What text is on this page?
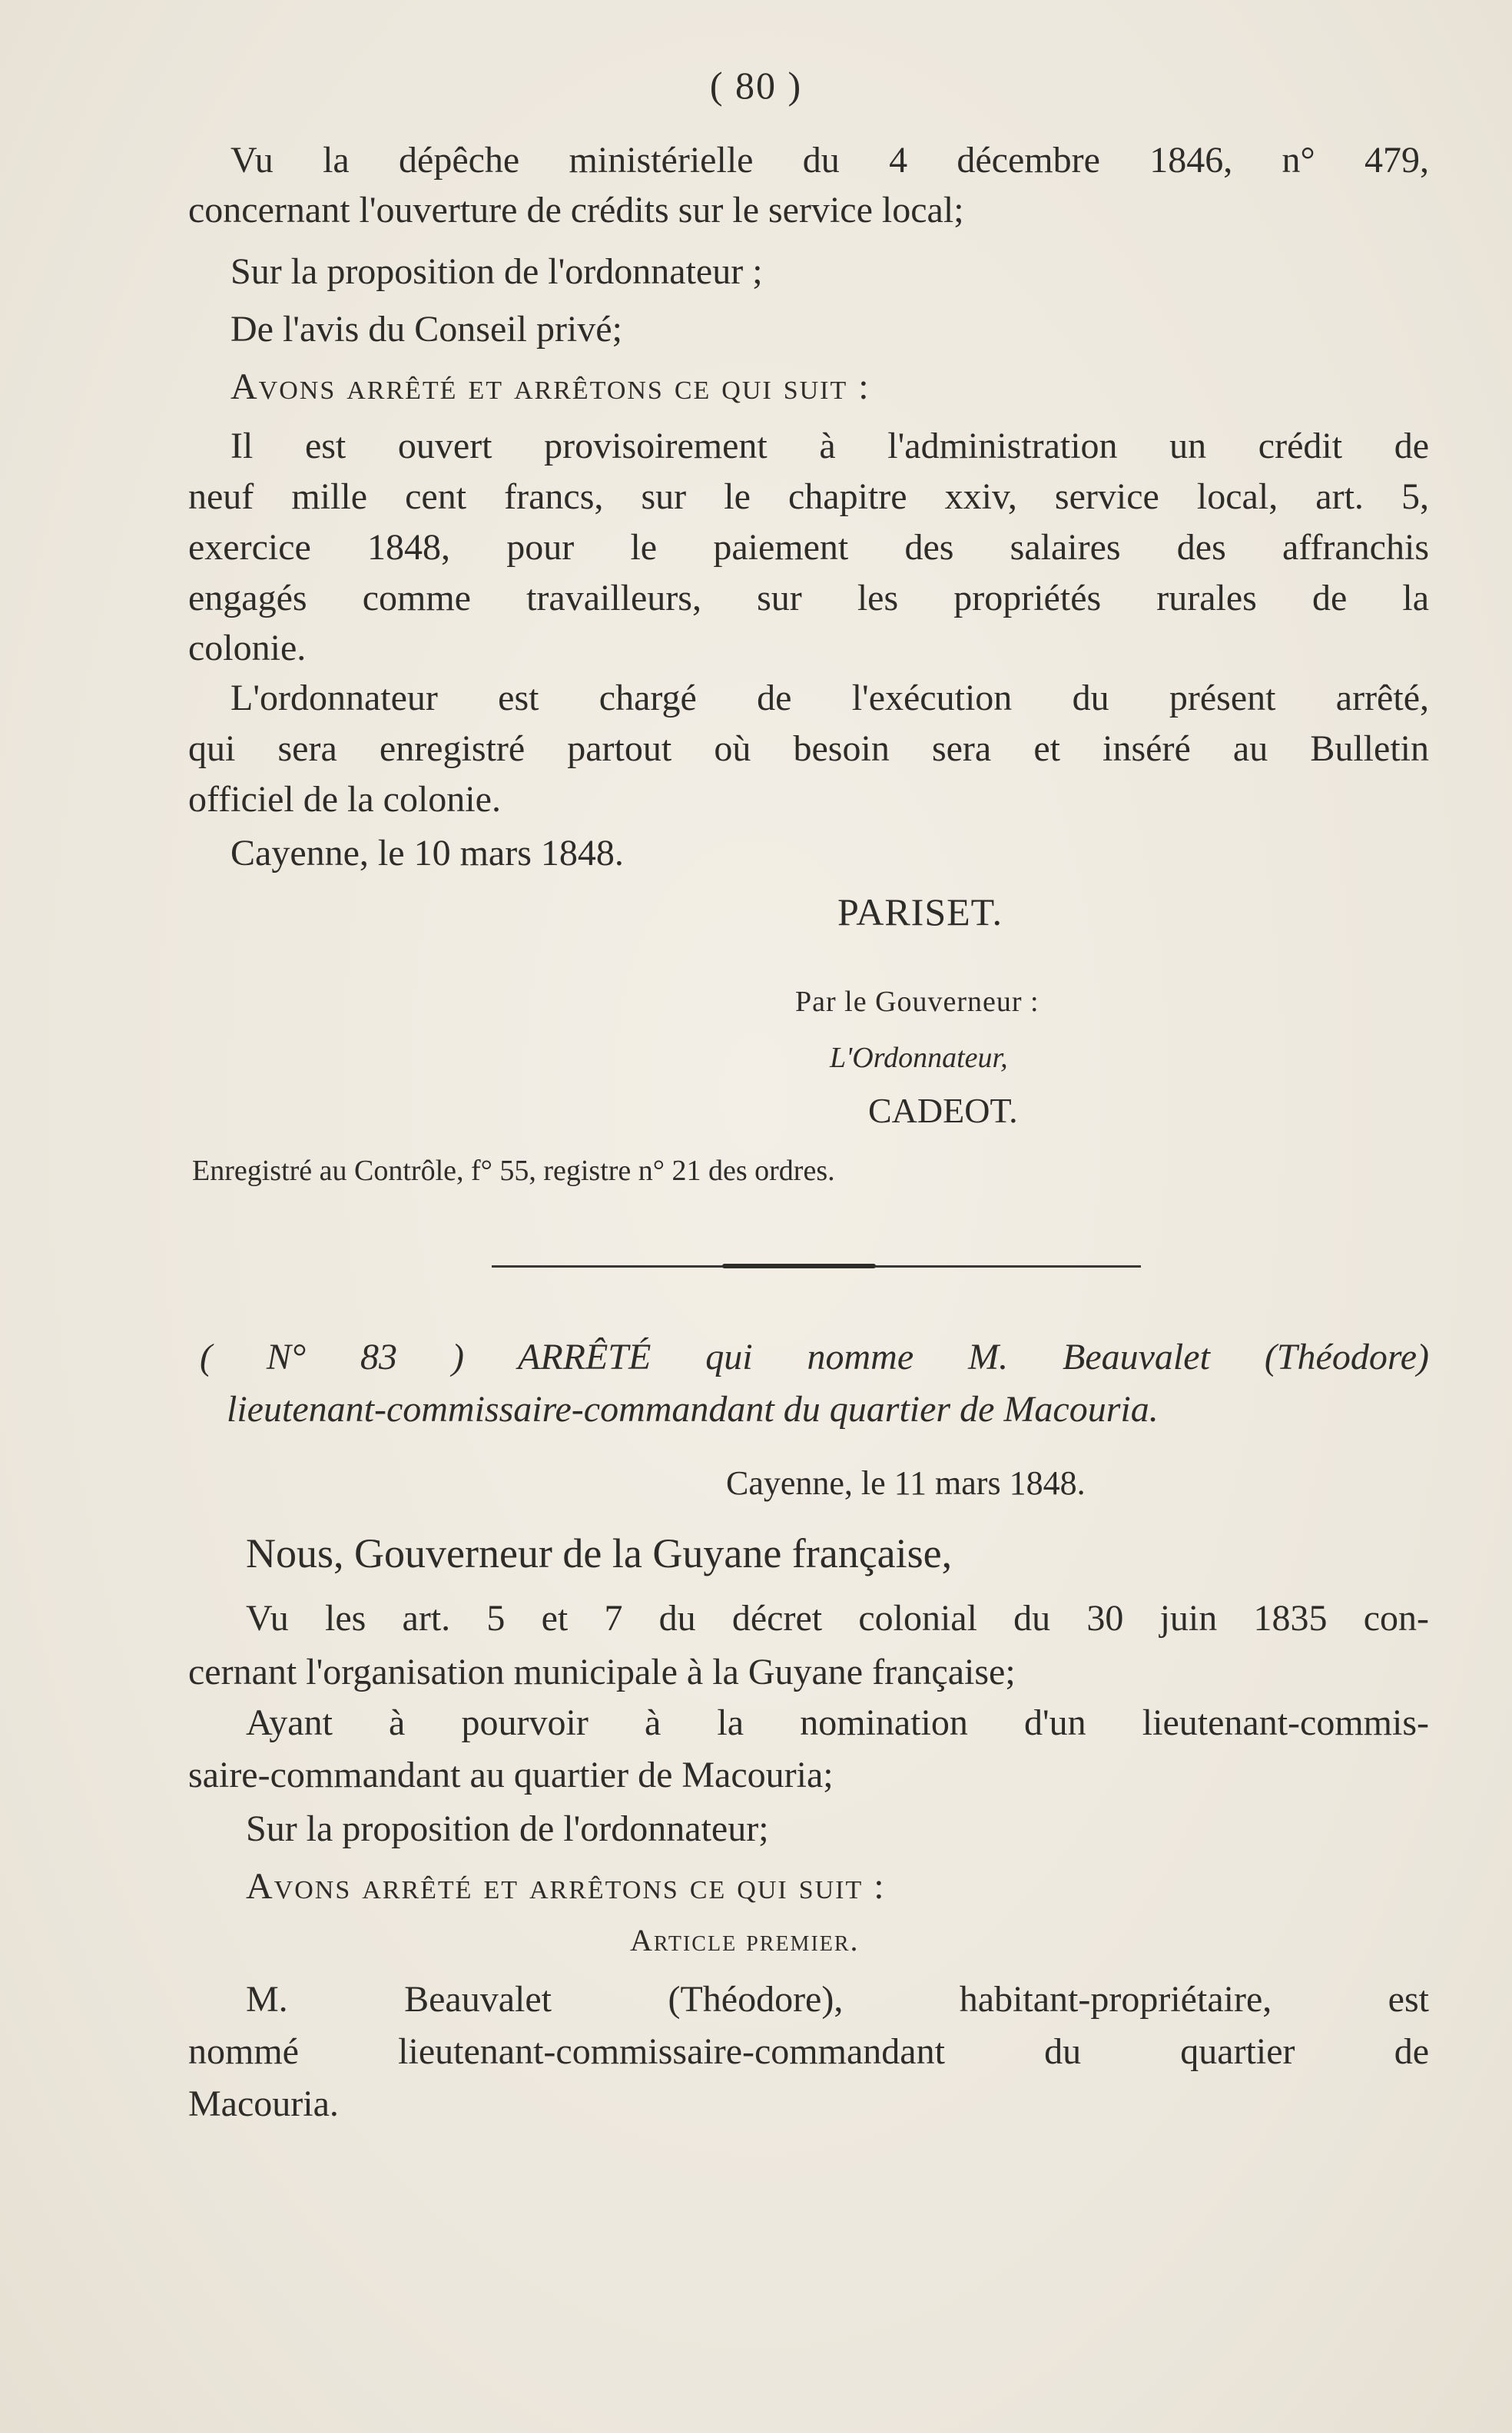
( 80 )
Vu la dépêche ministérielle du 4 décembre 1846, n° 479,
concernant l'ouverture de crédits sur le service local;
Sur la proposition de l'ordonnateur ;
De l'avis du Conseil privé;
Avons arrêté et arrêtons ce qui suit :
Il est ouvert provisoirement à l'administration un crédit de
neuf mille cent francs, sur le chapitre xxiv, service local, art. 5,
exercice 1848, pour le paiement des salaires des affranchis
engagés comme travailleurs, sur les propriétés rurales de la
colonie.
L'ordonnateur est chargé de l'exécution du présent arrêté,
qui sera enregistré partout où besoin sera et inséré au Bulletin
officiel de la colonie.
Cayenne, le 10 mars 1848.
PARISET.
Par le Gouverneur :
L'Ordonnateur,
CADEOT.
Enregistré au Contrôle, f° 55, registre n° 21 des ordres.
( N° 83 ) ARRÊTÉ qui nomme M. Beauvalet (Théodore)
lieutenant-commissaire-commandant du quartier de Macouria.
Cayenne, le 11 mars 1848.
Nous, Gouverneur de la Guyane française,
Vu les art. 5 et 7 du décret colonial du 30 juin 1835 con-
cernant l'organisation municipale à la Guyane française;
Ayant à pourvoir à la nomination d'un lieutenant-commis-
saire-commandant au quartier de Macouria;
Sur la proposition de l'ordonnateur;
Avons arrêté et arrêtons ce qui suit :
Article premier.
M. Beauvalet (Théodore), habitant-propriétaire, est
nommé lieutenant-commissaire-commandant du quartier de
Macouria.
